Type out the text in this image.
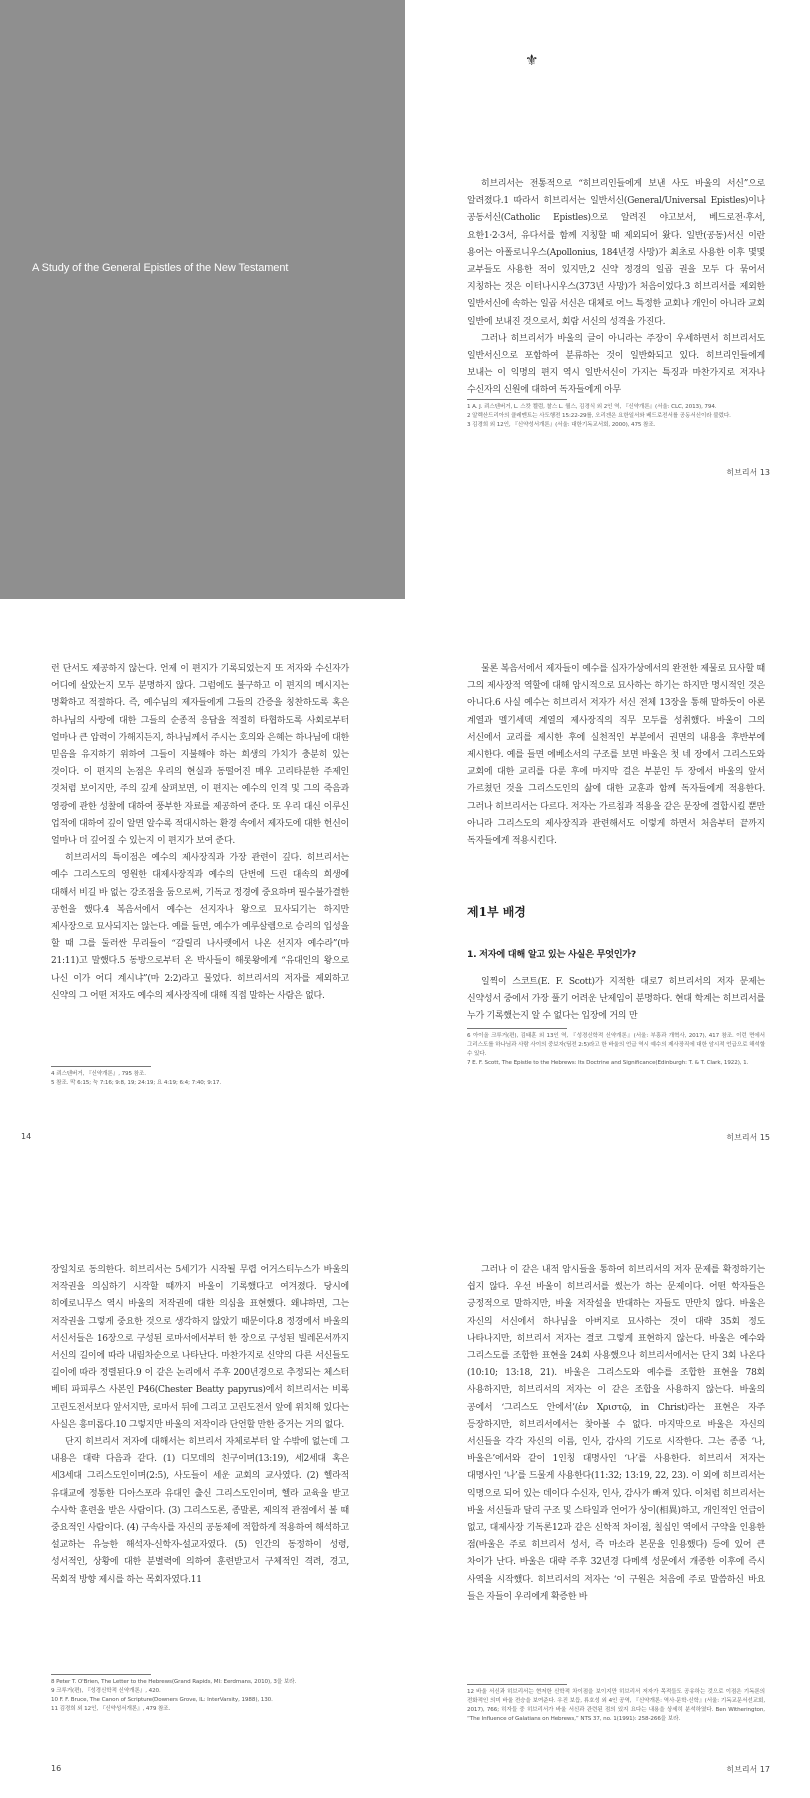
A Study of the General Epistles of the New Testament
⚜

히브리서는 전통적으로 “히브리인들에게 보낸 사도 바울의 서신”으로 알려졌다.1 따라서 히브리서는 일반서신(General/Universal Epistles)이나 공동서신(Catholic Epistles)으로 알려진 야고보서, 베드로전·후서, 요한1·2·3서, 유다서를 함께 지칭할 때 제외되어 왔다. 일반(공동)서신 이란 용어는 아폴로니우스(Apollonius, 184년경 사망)가 최초로 사용한 이후 몇몇 교부들도 사용한 적이 있지만,2 신약 정경의 일곱 권을 모두 다 묶어서 지칭하는 것은 이터나시우스(373년 사망)가 처음이었다.3 히브리서를 제외한 일반서신에 속하는 일곱 서신은 대체로 어느 특정한 교회나 개인이 아니라 교회 일반에 보내진 것으로서, 회람 서신의 성격을 가진다.

그러나 히브리서가 바울의 글이 아니라는 주장이 우세하면서 히브리서도 일반서신으로 포함하여 분류하는 것이 일반화되고 있다. 히브리인들에게 보내는 이 익명의 편지 역시 일반서신이 가지는 특징과 마찬가지로 저자나 수신자의 신원에 대하여 독자들에게 아무

1 A. J. 쾨스텐버거, L. 스캇 켈럼, 찰스 L. 퀄스, 김경식 외 2인 역, 『신약개론』(서울: CLC, 2013), 794.

2 알렉산드리아의 클레멘트는 사도행전 15:22-29를, 오리겐은 요한일서와 베드로전서를 공동서신이라 불렀다.

3 김경희 외 12인, 『신약성서개론』(서울: 대한기독교서회, 2000), 475 참조.

히브리서 13

런 단서도 제공하지 않는다. 언제 이 편지가 기록되었는지 또 저자와 수신자가 어디에 살았는지 모두 분명하지 않다. 그럼에도 불구하고 이 편지의 메시지는 명확하고 적절하다. 즉, 예수님의 제자들에게 그들의 간증을 칭찬하도록 혹은 하나님의 사랑에 대한 그들의 순종적 응답을 적절히 타협하도록 사회로부터 얼마나 큰 압력이 가해지든지, 하나님께서 주시는 호의와 은혜는 하나님에 대한 믿음을 유지하기 위하여 그들이 지불해야 하는 희생의 가치가 충분히 있는 것이다. 이 편지의 논점은 우리의 현실과 동떨어진 매우 고리타분한 주제인 것처럼 보이지만, 주의 깊게 살펴보면, 이 편지는 예수의 인격 및 그의 죽음과 영광에 관한 성찰에 대하여 풍부한 자료를 제공하여 준다. 또 우리 대신 이루신 업적에 대하여 깊이 알면 알수록 적대시하는 환경 속에서 제자도에 대한 헌신이 얼마나 더 깊어질 수 있는지 이 편지가 보여 준다.

히브리서의 특이점은 예수의 제사장직과 가장 관련이 깊다. 히브리서는 예수 그리스도의 영원한 대제사장직과 예수의 단번에 드린 대속의 희생에 대해서 비길 바 없는 강조점을 둠으로써, 기독교 정경에 중요하며 필수불가결한 공헌을 했다.4 복음서에서 예수는 선지자나 왕으로 묘사되기는 하지만 제사장으로 묘사되지는 않는다. 예를 들면, 예수가 예루살렘으로 승리의 입성을 할 때 그를 둘러싼 무리들이 “갈릴리 나사렛에서 나온 선지자 예수라”(마 21:11)고 말했다.5 동방으로부터 온 박사들이 해롯왕에게 “유대인의 왕으로 나신 이가 어디 계시냐”(마 2:2)라고 물었다. 히브리서의 저자를 제외하고 신약의 그 어떤 저자도 예수의 제사장직에 대해 직접 말하는 사람은 없다.

4 쾨스텐버거, 『신약개론』, 795 참조.

5 참조. 막 6:15; 눅 7:16; 9:8, 19; 24:19; 요 4:19; 6:4; 7:40; 9:17.

14

물론 복음서에서 제자들이 예수를 십자가상에서의 완전한 제물로 묘사할 때 그의 제사장적 역할에 대해 암시적으로 묘사하는 하기는 하지만 명시적인 것은 아니다.6 사실 예수는 히브리서 저자가 서신 전체 13장을 통해 말하듯이 아론 계열과 멜기세덱 계열의 제사장직의 직무 모두를 성취했다. 바울이 그의 서신에서 교리를 제시한 후에 실천적인 부분에서 권면의 내용을 후반부에 제시한다. 예를 들면 에베소서의 구조를 보면 바울은 첫 네 장에서 그리스도와 교회에 대한 교리를 다룬 후에 마지막 걸은 부분인 두 장에서 바울의 앞서 가르쳤던 것을 그리스도인의 삶에 대한 교훈과 함께 독자들에게 적용한다. 그러나 히브리서는 다르다. 저자는 가르침과 적용을 같은 문장에 결합시킬 뿐만 아니라 그리스도의 제사장직과 관련해서도 이렇게 하면서 처음부터 끝까지 독자들에게 적용시킨다.

제1부 배경
1. 저자에 대해 알고 있는 사실은 무엇인가?

일찍이 스코트(E. F. Scott)가 지적한 대로7 히브리서의 저자 문제는 신약성서 중에서 가장 풀기 어려운 난제임이 분명하다. 현대 학계는 히브리서를 누가 기록했는지 알 수 없다는 입장에 거의 만

6 아이올 크루거(편), 김태훈 외 13인 역, 『성경신학적 신약개론』(서울: 부흥과 개혁사, 2017), 417 참조. 이런 면에서 그리스도를 하나님과 사람 사이의 중보자(딤전 2:5)라고 한 바울의 언급 역시 예수의 제사장직에 대한 암시적 언급으로 해석할 수 있다.

7 E. F. Scott, The Epistle to the Hebrews: Its Doctrine and Significance(Edinburgh: T. & T. Clark, 1922), 1.

히브리서 15

장일치로 동의한다. 히브리서는 5세기가 시작될 무렵 어거스티누스가 바울의 저작권을 의심하기 시작할 때까지 바울이 기록했다고 여겨졌다. 당시에 히에로니무스 역시 바울의 저작권에 대한 의심을 표현했다. 왜냐하면, 그는 저작권을 그렇게 중요한 것으로 생각하지 않았기 때문이다.8 정경에서 바울의 서신서들은 16장으로 구성된 로마서에서부터 한 장으로 구성된 빌레몬서까지 서신의 길이에 따라 내림차순으로 나타난다. 마찬가지로 신약의 다른 서신들도 길이에 따라 정렬된다.9 이 같은 논리에서 주후 200년경으로 추정되는 체스터 베티 파피루스 사본인 P46(Chester Beatty papyrus)에서 히브리서는 비록 고린도전서보다 앞서지만, 로마서 뒤에 그리고 고린도전서 앞에 위치해 있다는 사실은 흥미롭다.10 그렇지만 바울의 저작이라 단언할 만한 증거는 거의 없다.

단지 히브리서 저자에 대해서는 히브리서 자체로부터 알 수밖에 없는데 그 내용은 대략 다음과 같다. (1) 디모데의 친구이며(13:19), 세2세대 혹은 세3세대 그리스도인이며(2:5), 사도들이 세운 교회의 교사였다. (2) 헬라적 유대교에 정통한 디아스포라 유대인 출신 그리스도인이며, 헬라 교육을 받고 수사학 훈련을 받은 사람이다. (3) 그리스도론, 종말론, 제의적 관점에서 볼 때 중요적인 사람이다. (4) 구속사를 자신의 공동체에 적합하게 적용하여 해석하고 설교하는 유능한 해석자-신학자-설교자였다. (5) 인간의 동정하이 성령, 성서적인, 상황에 대한 분별력에 의하여 훈련받고서 구체적인 격려, 경고, 목회적 방향 제시를 하는 목회자였다.11

8 Peter T. O'Brien, The Letter to the Hebrews(Grand Rapids, MI: Eerdmans, 2010), 3을 보라.

9 크루거(편), 『성경신학적 신약개론』, 420.

10 F. F. Bruce, The Canon of Scripture(Downers Grove, IL: InterVarsity, 1988), 130.

11 김경희 외 12인, 『신약성서개론』, 479 참조.

16

그러나 이 같은 내적 암시들을 통하여 히브리서의 저자 문제를 확정하기는 쉽지 않다. 우선 바울이 히브리서를 썼는가 하는 문제이다. 어떤 학자들은 긍정적으로 말하지만, 바울 저작설을 반대하는 자들도 만만치 않다. 바울은 자신의 서신에서 하나님을 아버지로 묘사하는 것이 대략 35회 정도 나타나지만, 히브리서 저자는 결코 그렇게 표현하지 않는다. 바울은 예수와 그리스도를 조합한 표현을 24회 사용했으나 히브리서에서는 단지 3회 나온다(10:10; 13:18, 21). 바울은 그리스도와 예수를 조합한 표현을 78회 사용하지만, 히브리서의 저자는 이 같은 조합을 사용하지 않는다. 바울의 공에서 ‘그리스도 안에서’(ἐν Χριστῷ, in Christ)라는 표현은 자주 등장하지만, 히브리서에서는 찾아볼 수 없다. 마지막으로 바울은 자신의 서신들을 각각 자신의 이름, 인사, 감사의 기도로 시작한다. 그는 종종 ‘나, 바울은’에서와 같이 1인칭 대명사인 ‘나’를 사용한다. 히브리서 저자는 대명사인 ‘나’를 드물게 사용한다(11:32; 13:19, 22, 23). 이 외에 히브리서는 익명으로 되어 있는 데이다 수신자, 인사, 감사가 빠져 있다. 이처럼 히브리서는 바울 서신들과 달리 구조 및 스타일과 언어가 상이(相異)하고, 개인적인 언급이 없고, 대제사장 기독론12과 같은 신학적 차이점, 칠십인 역에서 구약을 인용한 점(바울은 주로 히브리서 성서, 즉 마소라 본문을 인용했다) 등에 있어 큰 차이가 난다. 바울은 대략 주후 32년경 다메섹 성문에서 개종한 이후에 즉시 사역을 시작했다. 히브리서의 저자는 ‘이 구원은 처음에 주로 말씀하신 바요 들은 자들이 우리에게 확증한 바

12 바울 서신과 히브리서는 현저한 신학적 차이점을 보이지만 히브리서 저자가 목적들도 공유하는 것으로 이점은 기독론의 전화적인 의미 바울 전승을 보여준다. 우진 보듭, 류호성 외 4인 공역, 『신약개론: 역사·문학·신학』(서울: 기독교문서선교회, 2017), 766; 히자들 중 히브리서가 바울 서신과 관련된 점의 있지 요다는 내용을 상세히 분석하였다. Ben Witherington, “The Influence of Galatians on Hebrews,” NTS 37, no. 1(1991): 258-266을 보라.

히브리서 17
